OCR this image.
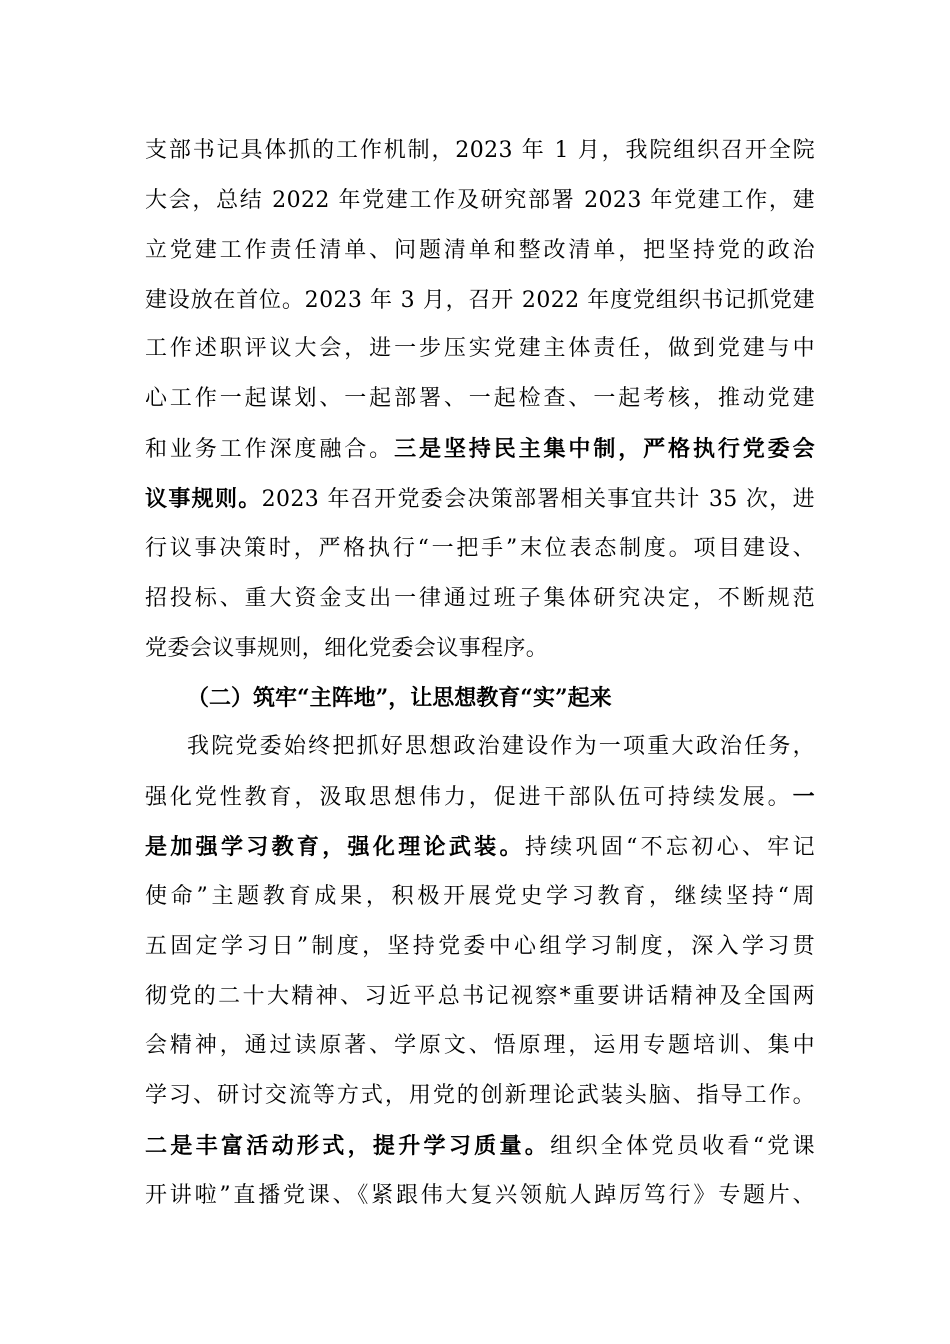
支部书记具体抓的工作机制，2023 年 1 月，我院组织召开全院
大会，总结 2022 年党建工作及研究部署 2023 年党建工作，建
立党建工作责任清单、问题清单和整改清单，把坚持党的政治
建设放在首位。2023 年 3 月，召开 2022 年度党组织书记抓党建
工作述职评议大会，进一步压实党建主体责任，做到党建与中
心工作一起谋划、一起部署、一起检查、一起考核，推动党建
和业务工作深度融合。三是坚持民主集中制，严格执行党委会
议事规则。2023 年召开党委会决策部署相关事宜共计 35 次，进
行议事决策时，严格执行“一把手”末位表态制度。项目建设、
招投标、重大资金支出一律通过班子集体研究决定，不断规范
党委会议事规则，细化党委会议事程序。
（二）筑牢“主阵地”，让思想教育“实”起来
我院党委始终把抓好思想政治建设作为一项重大政治任务，
强化党性教育，汲取思想伟力，促进干部队伍可持续发展。一
是加强学习教育，强化理论武装。持续巩固“不忘初心、牢记
使命”主题教育成果，积极开展党史学习教育，继续坚持“周
五固定学习日”制度，坚持党委中心组学习制度，深入学习贯
彻党的二十大精神、习近平总书记视察*重要讲话精神及全国两
会精神，通过读原著、学原文、悟原理，运用专题培训、集中
学习、研讨交流等方式，用党的创新理论武装头脑、指导工作。
二是丰富活动形式，提升学习质量。组织全体党员收看“党课
开讲啦”直播党课、《紧跟伟大复兴领航人踔厉笃行》专题片、
